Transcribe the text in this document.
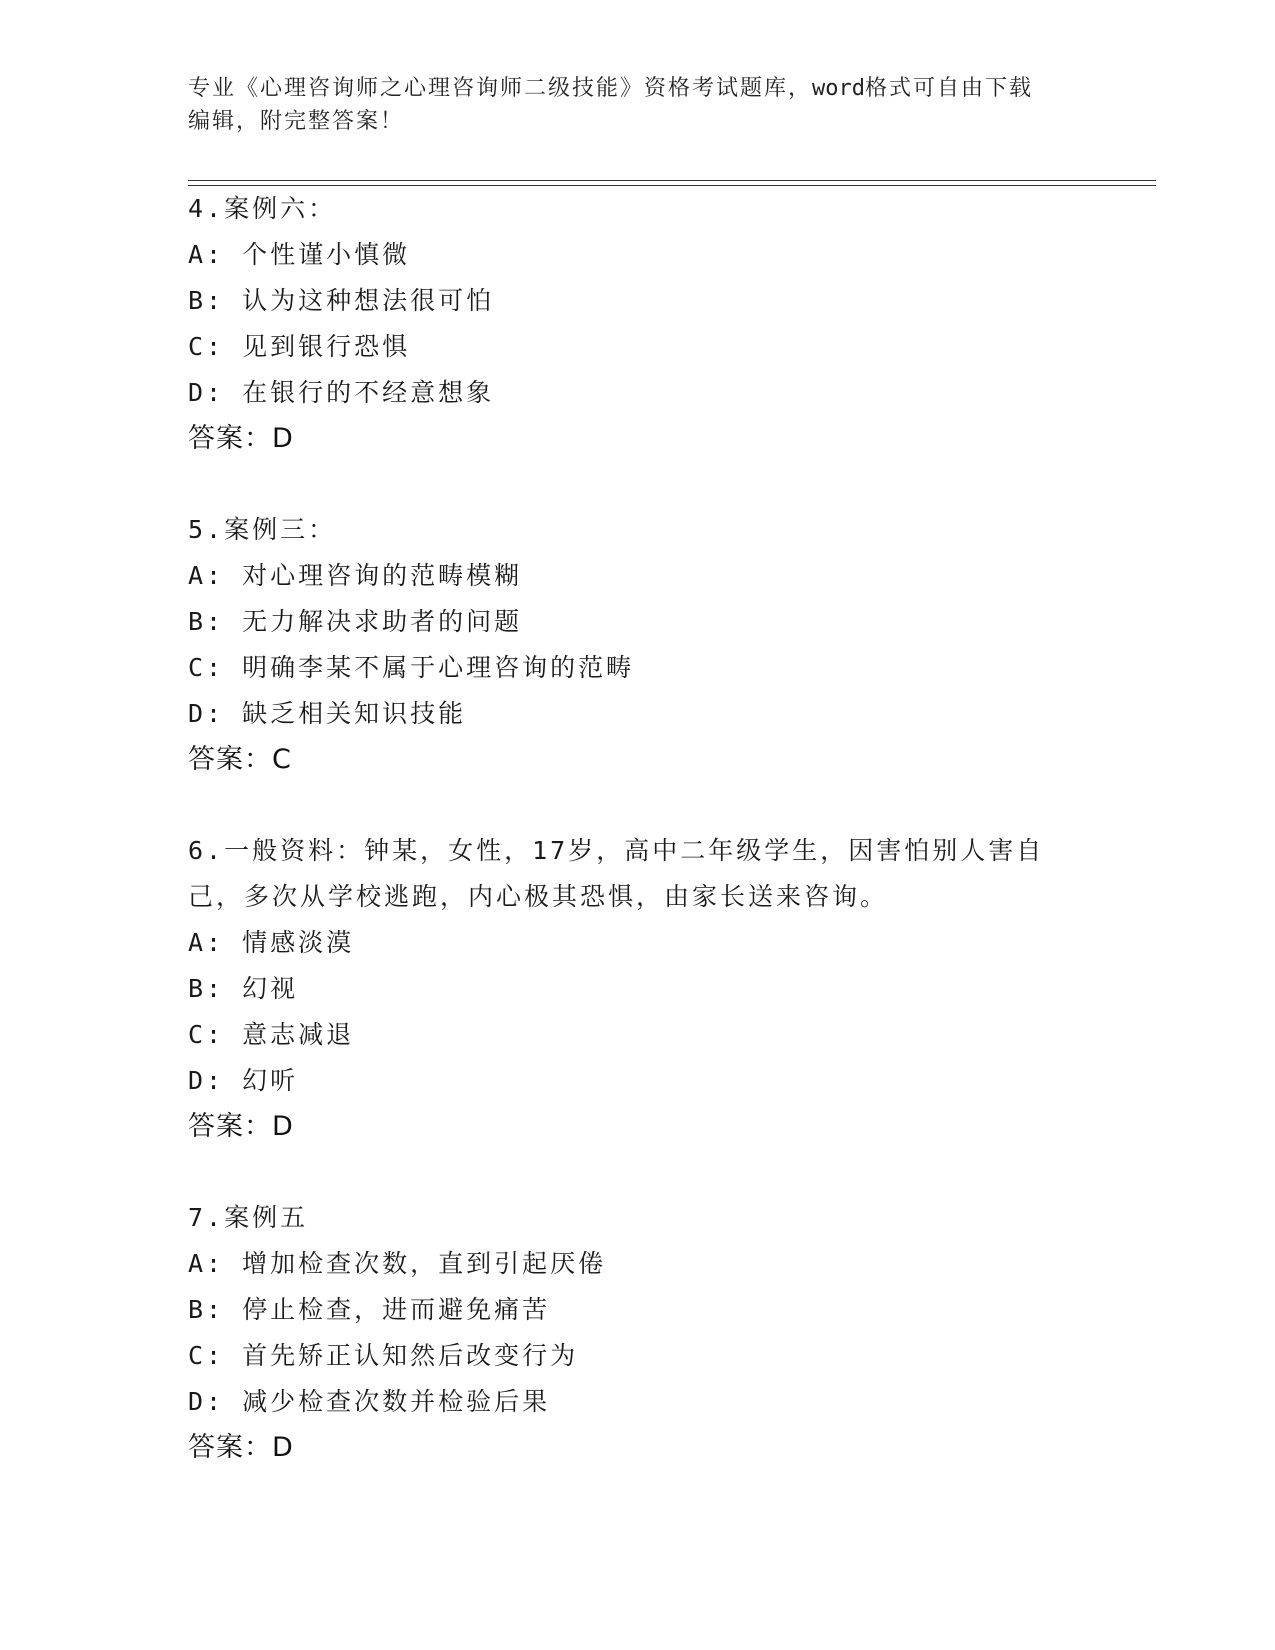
专业《心理咨询师之心理咨询师二级技能》资格考试题库，word格式可自由下载
编辑，附完整答案！
4.案例六：
A: 个性谨小慎微
B: 认为这种想法很可怕
C: 见到银行恐惧
D: 在银行的不经意想象
答案：D
5.案例三：
A: 对心理咨询的范畴模糊
B: 无力解决求助者的问题
C: 明确李某不属于心理咨询的范畴
D: 缺乏相关知识技能
答案：C
6.一般资料：钟某，女性，17岁，高中二年级学生，因害怕别人害自
己，多次从学校逃跑，内心极其恐惧，由家长送来咨询。
A: 情感淡漠
B: 幻视
C: 意志减退
D: 幻听
答案：D
7.案例五
A: 增加检查次数，直到引起厌倦
B: 停止检查，进而避免痛苦
C: 首先矫正认知然后改变行为
D: 减少检查次数并检验后果
答案：D
